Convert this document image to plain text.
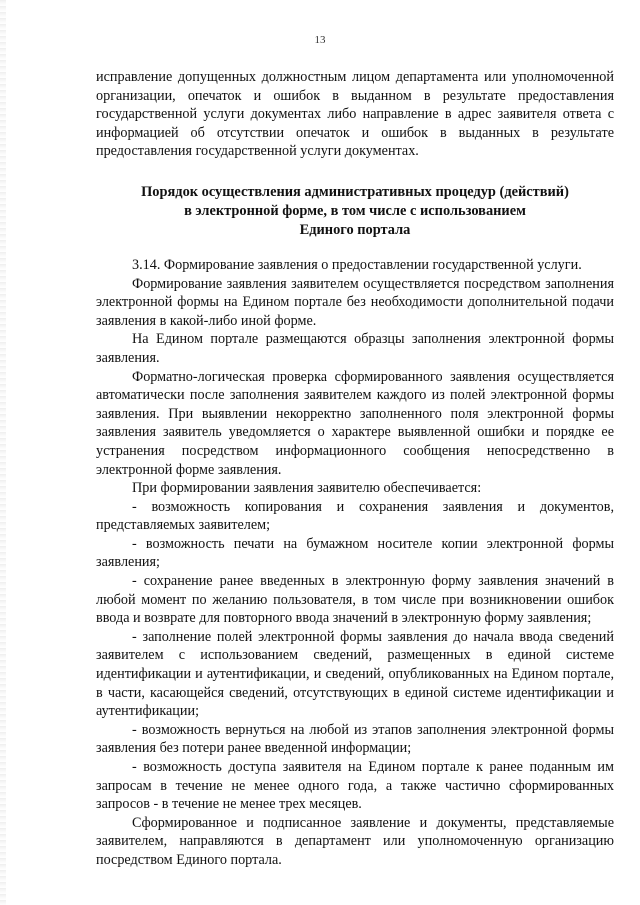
13

исправление допущенных должностным лицом департамента или уполномоченной организации, опечаток и ошибок в выданном в результате предоставления государственной услуги документах либо направление в адрес заявителя ответа с информацией об отсутствии опечаток и ошибок в выданных в результате предоставления государственной услуги документах.

Порядок осуществления административных процедур (действий)
в электронной форме, в том числе с использованием
Единого портала

3.14. Формирование заявления о предоставлении государственной услуги.

Формирование заявления заявителем осуществляется посредством заполнения электронной формы на Едином портале без необходимости дополнительной подачи заявления в какой-либо иной форме.

На Едином портале размещаются образцы заполнения электронной формы заявления.

Форматно-логическая проверка сформированного заявления осуществляется автоматически после заполнения заявителем каждого из полей электронной формы заявления. При выявлении некорректно заполненного поля электронной формы заявления заявитель уведомляется о характере выявленной ошибки и порядке ее устранения посредством информационного сообщения непосредственно в электронной форме заявления.

При формировании заявления заявителю обеспечивается:

- возможность копирования и сохранения заявления и документов, представляемых заявителем;

- возможность печати на бумажном носителе копии электронной формы заявления;

- сохранение ранее введенных в электронную форму заявления значений в любой момент по желанию пользователя, в том числе при возникновении ошибок ввода и возврате для повторного ввода значений в электронную форму заявления;

- заполнение полей электронной формы заявления до начала ввода сведений заявителем с использованием сведений, размещенных в единой системе идентификации и аутентификации, и сведений, опубликованных на Едином портале, в части, касающейся сведений, отсутствующих в единой системе идентификации и аутентификации;

- возможность вернуться на любой из этапов заполнения электронной формы заявления без потери ранее введенной информации;

- возможность доступа заявителя на Едином портале к ранее поданным им запросам в течение не менее одного года, а также частично сформированных запросов - в течение не менее трех месяцев.

Сформированное и подписанное заявление и документы, представляемые заявителем, направляются в департамент или уполномоченную организацию посредством Единого портала.
